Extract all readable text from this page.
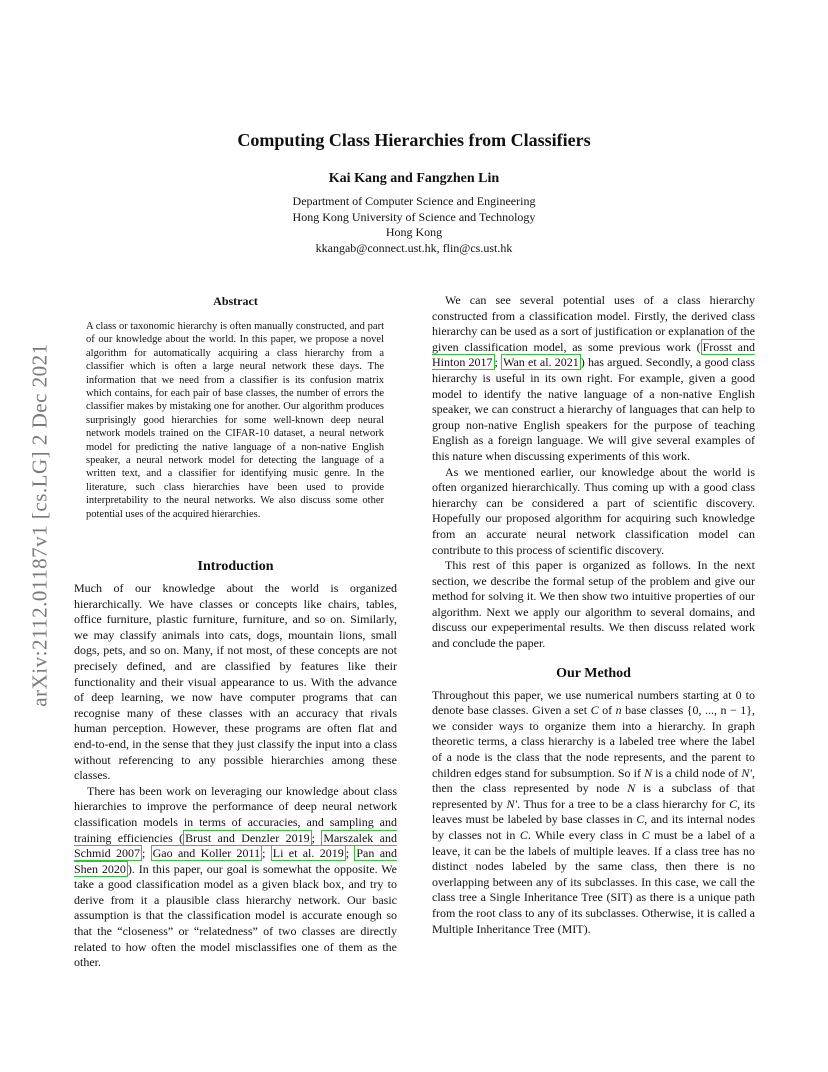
arXiv:2112.01187v1 [cs.LG] 2 Dec 2021
Computing Class Hierarchies from Classifiers
Kai Kang and Fangzhen Lin
Department of Computer Science and Engineering
Hong Kong University of Science and Technology
Hong Kong
kkangab@connect.ust.hk, flin@cs.ust.hk
Abstract

A class or taxonomic hierarchy is often manually constructed, and part of our knowledge about the world. In this paper, we propose a novel algorithm for automatically acquiring a class hierarchy from a classifier which is often a large neural network these days. The information that we need from a classifier is its confusion matrix which contains, for each pair of base classes, the number of errors the classifier makes by mistaking one for another. Our algorithm produces surprisingly good hierarchies for some well-known deep neural network models trained on the CIFAR-10 dataset, a neural network model for predicting the native language of a non-native English speaker, a neural network model for detecting the language of a written text, and a classifier for identifying music genre. In the literature, such class hierarchies have been used to provide interpretability to the neural networks. We also discuss some other potential uses of the acquired hierarchies.

Introduction

Much of our knowledge about the world is organized hierarchically. We have classes or concepts like chairs, tables, office furniture, plastic furniture, furniture, and so on. Similarly, we may classify animals into cats, dogs, mountain lions, small dogs, pets, and so on. Many, if not most, of these concepts are not precisely defined, and are classified by features like their functionality and their visual appearance to us. With the advance of deep learning, we now have computer programs that can recognise many of these classes with an accuracy that rivals human perception. However, these programs are often flat and end-to-end, in the sense that they just classify the input into a class without referencing to any possible hierarchies among these classes.

There has been work on leveraging our knowledge about class hierarchies to improve the performance of deep neural network classification models in terms of accuracies, and sampling and training efficiencies ( Brust and Denzler 2019 ; Marszalek and Schmid 2007 ; Gao and Koller 2011 ; Li et al. 2019 ; Pan and Shen 2020 ). In this paper, our goal is somewhat the opposite. We take a good classification model as a given black box, and try to derive from it a plausible class hierarchy network. Our basic assumption is that the classification model is accurate enough so that the “closeness” or “relatedness” of two classes are directly related to how often the model misclassifies one of them as the other.

We can see several potential uses of a class hierarchy constructed from a classification model. Firstly, the derived class hierarchy can be used as a sort of justification or explanation of the given classification model, as some previous work ( Frosst and Hinton 2017 ; Wan et al. 2021 ) has argued. Secondly, a good class hierarchy is useful in its own right. For example, given a good model to identify the native language of a non-native English speaker, we can construct a hierarchy of languages that can help to group non-native English speakers for the purpose of teaching English as a foreign language. We will give several examples of this nature when discussing experiments of this work.

As we mentioned earlier, our knowledge about the world is often organized hierarchically. Thus coming up with a good class hierarchy can be considered a part of scientific discovery. Hopefully our proposed algorithm for acquiring such knowledge from an accurate neural network classification model can contribute to this process of scientific discovery.

This rest of this paper is organized as follows. In the next section, we describe the formal setup of the problem and give our method for solving it. We then show two intuitive properties of our algorithm. Next we apply our algorithm to several domains, and discuss our expeperimental results. We then discuss related work and conclude the paper.

Our Method

Throughout this paper, we use numerical numbers starting at 0 to denote base classes. Given a set C of n base classes {0, ..., n − 1}, we consider ways to organize them into a hierarchy. In graph theoretic terms, a class hierarchy is a labeled tree where the label of a node is the class that the node represents, and the parent to children edges stand for subsumption. So if N is a child node of N′, then the class represented by node N is a subclass of that represented by N′. Thus for a tree to be a class hierarchy for C, its leaves must be labeled by base classes in C, and its internal nodes by classes not in C. While every class in C must be a label of a leave, it can be the labels of multiple leaves. If a class tree has no distinct nodes labeled by the same class, then there is no overlapping between any of its subclasses. In this case, we call the class tree a Single Inheritance Tree (SIT) as there is a unique path from the root class to any of its subclasses. Otherwise, it is called a Multiple Inheritance Tree (MIT).
